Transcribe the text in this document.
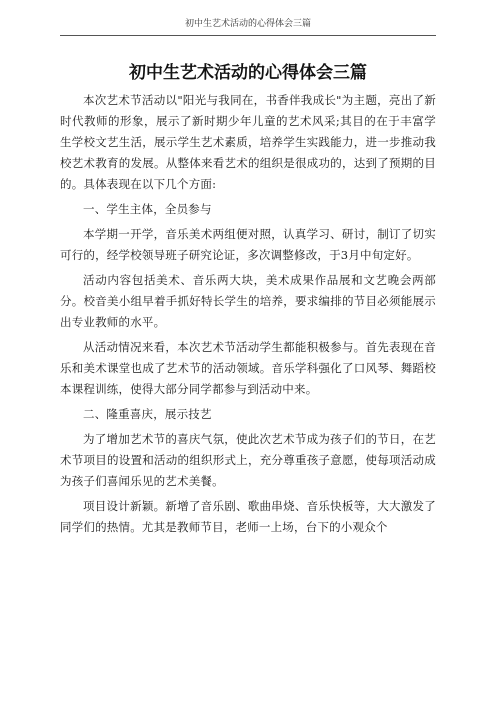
初中生艺术活动的心得体会三篇
初中生艺术活动的心得体会三篇

本次艺术节活动以"阳光与我同在，书香伴我成长"为主题，亮出了新时代教师的形象，展示了新时期少年儿童的艺术风采;其目的在于丰富学生学校文艺生活，展示学生艺术素质，培养学生实践能力，进一步推动我校艺术教育的发展。从整体来看艺术的组织是很成功的，达到了预期的目的。具体表现在以下几个方面:

一、学生主体，全员参与

本学期一开学，音乐美术两组便对照，认真学习、研讨，制订了切实可行的，经学校领导班子研究论证，多次调整修改，于3月中旬定好。

活动内容包括美术、音乐两大块，美术成果作品展和文艺晚会两部分。校音美小组早着手抓好特长学生的培养，要求编排的节目必须能展示出专业教师的水平。

从活动情况来看，本次艺术节活动学生都能积极参与。首先表现在音乐和美术课堂也成了艺术节的活动领域。音乐学科强化了口风琴、舞蹈校本课程训练，使得大部分同学都参与到活动中来。

二、隆重喜庆，展示技艺

为了增加艺术节的喜庆气氛，使此次艺术节成为孩子们的节日，在艺术节项目的设置和活动的组织形式上，充分尊重孩子意愿，使每项活动成为孩子们喜闻乐见的艺术美餐。

项目设计新颖。新增了音乐剧、歌曲串烧、音乐快板等，大大激发了同学们的热情。尤其是教师节目，老师一上场，台下的小观众个
